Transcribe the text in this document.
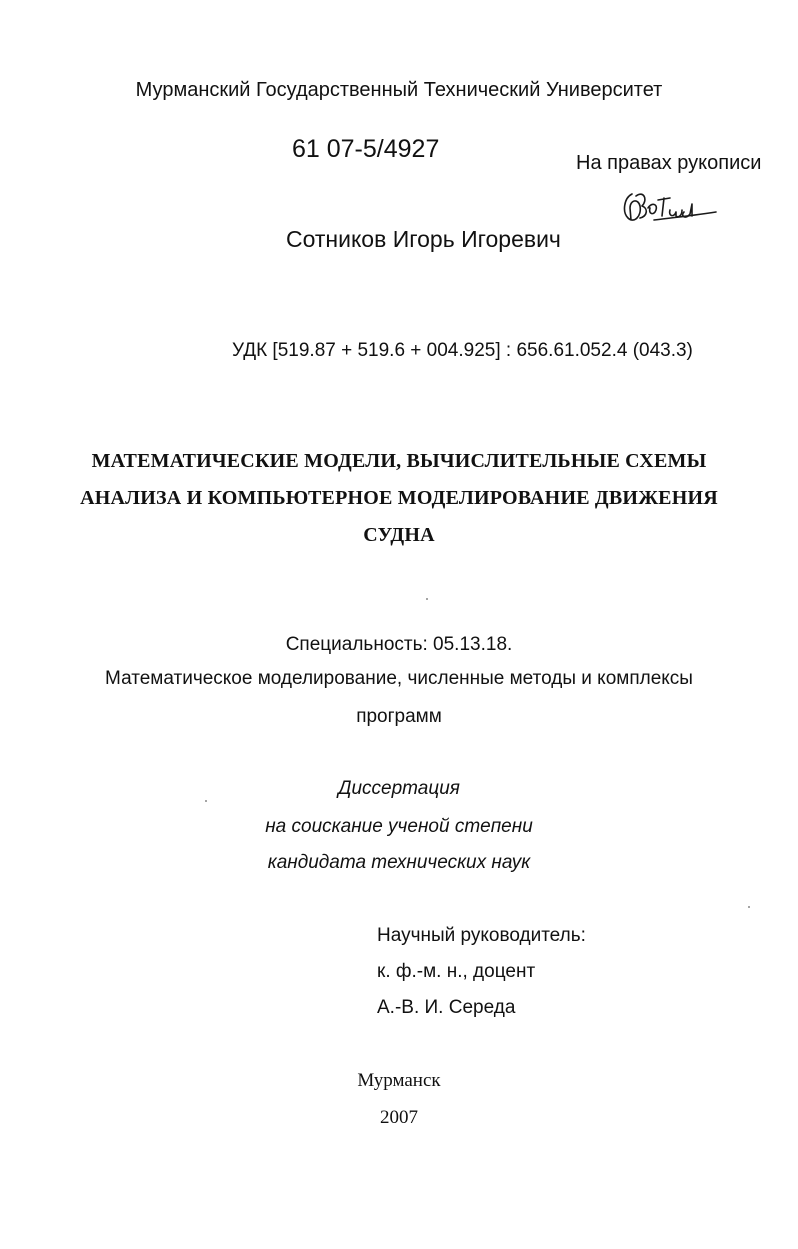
Мурманский Государственный Технический Университет
61 07-5/4927	На правах рукописи
Сотников Игорь Игоревич
УДК [519.87 + 519.6 + 004.925] : 656.61.052.4 (043.3)
МАТЕМАТИЧЕСКИЕ МОДЕЛИ, ВЫЧИСЛИТЕЛЬНЫЕ СХЕМЫ
АНАЛИЗА И КОМПЬЮТЕРНОЕ МОДЕЛИРОВАНИЕ ДВИЖЕНИЯ
СУДНА
Специальность: 05.13.18.
Математическое моделирование, численные методы и комплексы
программ
Диссертация
на соискание ученой степени
кандидата технических наук
Научный руководитель:
к. ф.-м. н., доцент
А.-В. И. Середа
Мурманск
2007
